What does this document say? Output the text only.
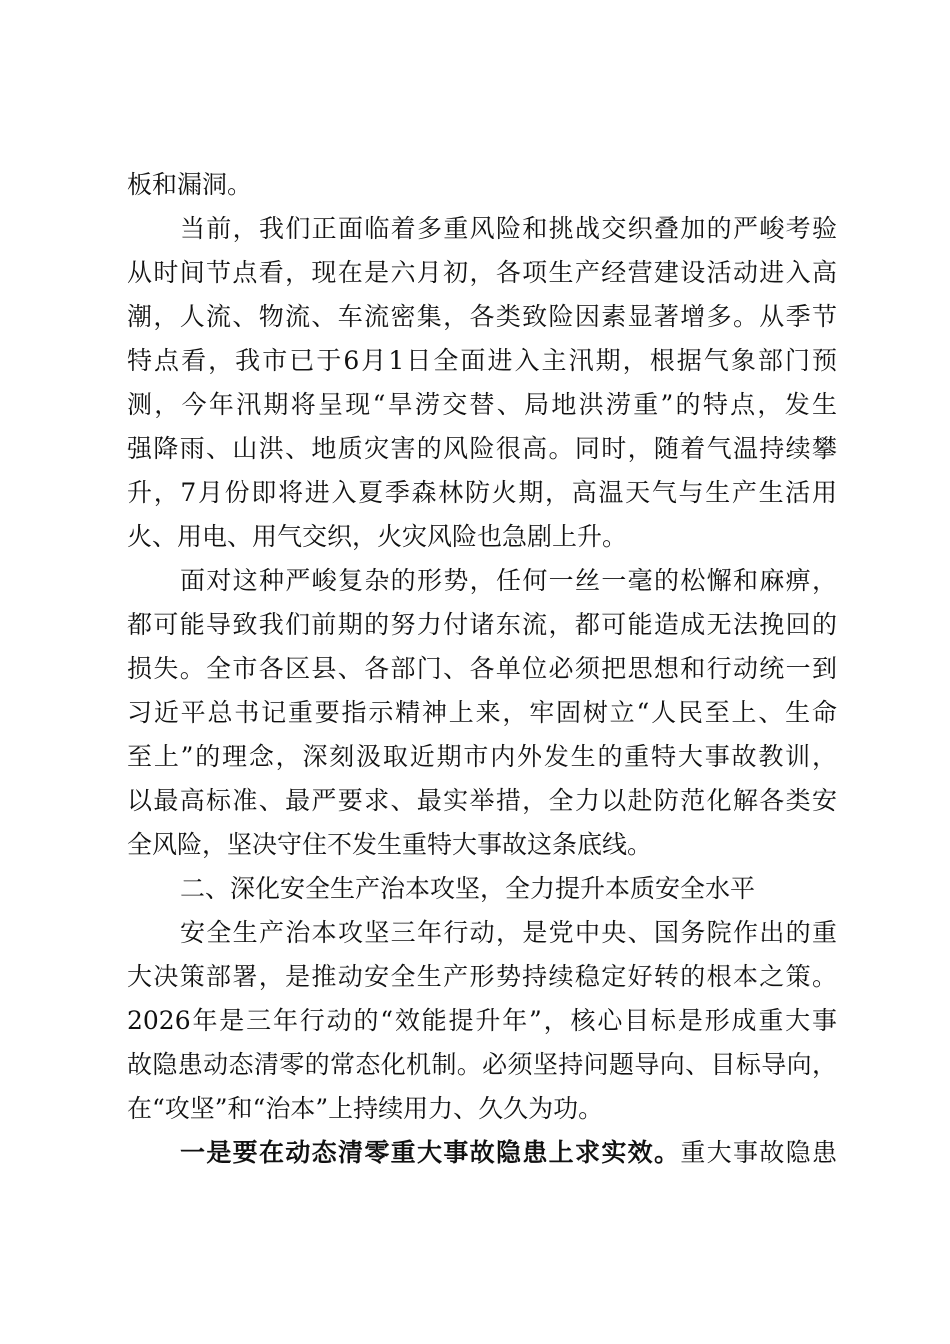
板和漏洞。
当前，我们正面临着多重风险和挑战交织叠加的严峻考验
从时间节点看，现在是六月初，各项生产经营建设活动进入高
潮，人流、物流、车流密集，各类致险因素显著增多。从季节
特点看，我市已于6月1日全面进入主汛期，根据气象部门预
测，今年汛期将呈现“旱涝交替、局地洪涝重”的特点，发生
强降雨、山洪、地质灾害的风险很高。同时，随着气温持续攀
升，7月份即将进入夏季森林防火期，高温天气与生产生活用
火、用电、用气交织，火灾风险也急剧上升。
面对这种严峻复杂的形势，任何一丝一毫的松懈和麻痹，
都可能导致我们前期的努力付诸东流，都可能造成无法挽回的
损失。全市各区县、各部门、各单位必须把思想和行动统一到
习近平总书记重要指示精神上来，牢固树立“人民至上、生命
至上”的理念，深刻汲取近期市内外发生的重特大事故教训，
以最高标准、最严要求、最实举措，全力以赴防范化解各类安
全风险，坚决守住不发生重特大事故这条底线。
二、深化安全生产治本攻坚，全力提升本质安全水平
安全生产治本攻坚三年行动，是党中央、国务院作出的重
大决策部署，是推动安全生产形势持续稳定好转的根本之策。
2026年是三年行动的“效能提升年”，核心目标是形成重大事
故隐患动态清零的常态化机制。必须坚持问题导向、目标导向，
在“攻坚”和“治本”上持续用力、久久为功。
一是要在动态清零重大事故隐患上求实效。重大事故隐患
